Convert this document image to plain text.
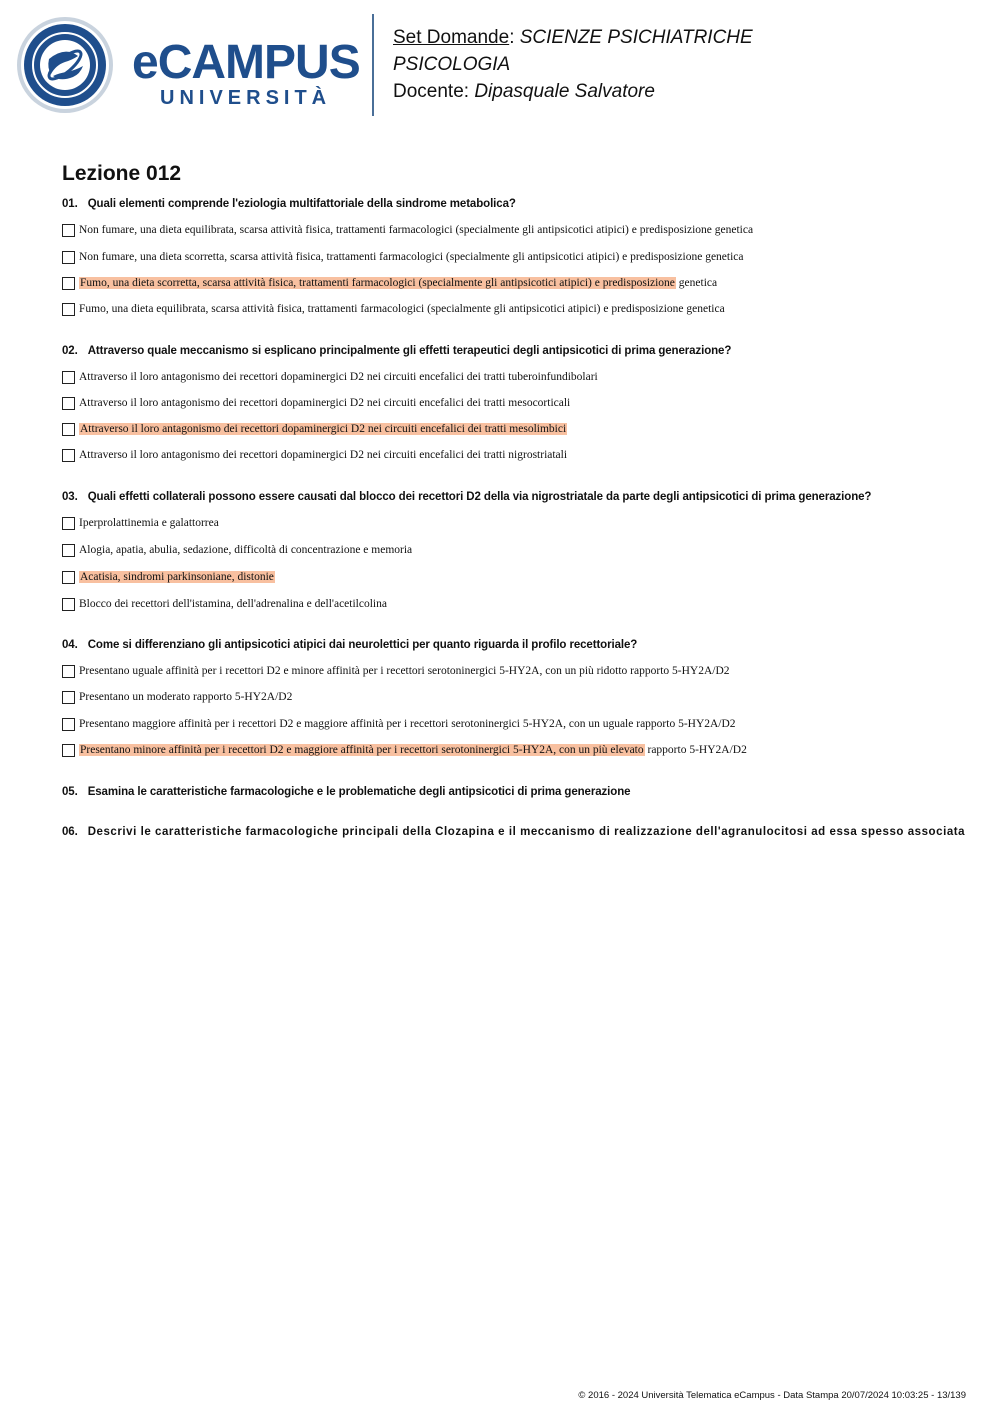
eCAMPUS
UNIVERSITÀ
Set Domande: SCIENZE PSICHIATRICHE
PSICOLOGIA
Docente: Dipasquale Salvatore
Lezione 012
01. Quali elementi comprende l'eziologia multifattoriale della sindrome metabolica?
Non fumare, una dieta equilibrata, scarsa attività fisica, trattamenti farmacologici (specialmente gli antipsicotici atipici) e predisposizione genetica
Non fumare, una dieta scorretta, scarsa attività fisica, trattamenti farmacologici (specialmente gli antipsicotici atipici) e predisposizione genetica
Fumo, una dieta scorretta, scarsa attività fisica, trattamenti farmacologici (specialmente gli antipsicotici atipici) e predisposizione genetica
Fumo, una dieta equilibrata, scarsa attività fisica, trattamenti farmacologici (specialmente gli antipsicotici atipici) e predisposizione genetica
02. Attraverso quale meccanismo si esplicano principalmente gli effetti terapeutici degli antipsicotici di prima generazione?
Attraverso il loro antagonismo dei recettori dopaminergici D2 nei circuiti encefalici dei tratti tuberoinfundibolari
Attraverso il loro antagonismo dei recettori dopaminergici D2 nei circuiti encefalici dei tratti mesocorticali
Attraverso il loro antagonismo dei recettori dopaminergici D2 nei circuiti encefalici dei tratti mesolimbici
Attraverso il loro antagonismo dei recettori dopaminergici D2 nei circuiti encefalici dei tratti nigrostriatali
03. Quali effetti collaterali possono essere causati dal blocco dei recettori D2 della via nigrostriatale da parte degli antipsicotici di prima generazione?
Iperprolattinemia e galattorrea
Alogia, apatia, abulia, sedazione, difficoltà di concentrazione e memoria
Acatisia, sindromi parkinsoniane, distonie
Blocco dei recettori dell'istamina, dell'adrenalina e dell'acetilcolina
04. Come si differenziano gli antipsicotici atipici dai neurolettici per quanto riguarda il profilo recettoriale?
Presentano uguale affinità per i recettori D2 e minore affinità per i recettori serotoninergici 5-HY2A, con un più ridotto rapporto 5-HY2A/D2
Presentano un moderato rapporto 5-HY2A/D2
Presentano maggiore affinità per i recettori D2 e maggiore affinità per i recettori serotoninergici 5-HY2A, con un uguale rapporto 5-HY2A/D2
Presentano minore affinità per i recettori D2 e maggiore affinità per i recettori serotoninergici 5-HY2A, con un più elevato rapporto 5-HY2A/D2
05. Esamina le caratteristiche farmacologiche e le problematiche degli antipsicotici di prima generazione
06. Descrivi le caratteristiche farmacologiche principali della Clozapina e il meccanismo di realizzazione dell'agranulocitosi ad essa spesso associata
© 2016 - 2024 Università Telematica eCampus - Data Stampa 20/07/2024 10:03:25 - 13/139
